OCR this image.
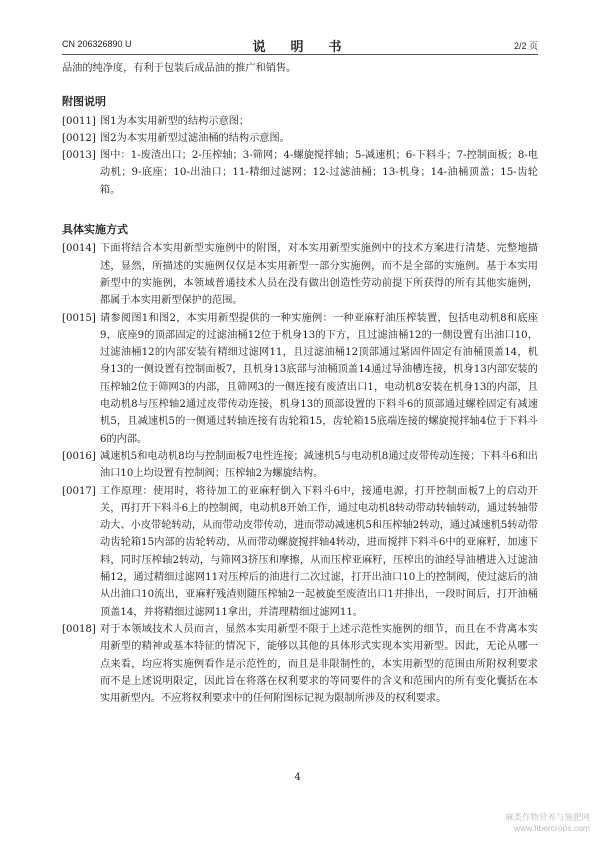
CN 206326890 U	说　明　书	2/2 页

品油的纯净度，有利于包装后成品油的推广和销售。

附图说明
[0011] 图1为本实用新型的结构示意图；
[0012] 图2为本实用新型过滤油桶的结构示意图。
[0013] 图中：1-废渣出口；2-压榨轴；3-筛网；4-螺旋搅拌轴；5-减速机；6-下料斗；7-控制面板；8-电动机；9-底座；10-出油口；11-精细过滤网；12-过滤油桶；13-机身；14-油桶顶盖；15-齿轮箱。
具体实施方式
[0014] 下面将结合本实用新型实施例中的附图，对本实用新型实施例中的技术方案进行清楚、完整地描述，显然，所描述的实施例仅仅是本实用新型一部分实施例，而不是全部的实施例。基于本实用新型中的实施例，本领域普通技术人员在没有做出创造性劳动前提下所获得的所有其他实施例，都属于本实用新型保护的范围。
[0015] 请参阅图1和图2，本实用新型提供的一种实施例：一种亚麻籽油压榨装置，包括电动机8和底座9，底座9的顶部固定的过滤油桶12位于机身13的下方，且过滤油桶12的一侧设置有出油口10，过滤油桶12的内部安装有精细过滤网11，且过滤油桶12顶部通过紧固件固定有油桶顶盖14，机身13的一侧设置有控制面板7，且机身13底部与油桶顶盖14通过导油槽连接，机身13内部安装的压榨轴2位于筛网3的内部，且筛网3的一侧连接有废渣出口1，电动机8安装在机身13的内部，且电动机8与压榨轴2通过皮带传动连接，机身13的顶部设置的下料斗6的顶部通过螺栓固定有减速机5，且减速机5的一侧通过转轴连接有齿轮箱15，齿轮箱15底端连接的螺旋搅拌轴4位于下料斗6的内部。
[0016] 减速机5和电动机8均与控制面板7电性连接；减速机5与电动机8通过皮带传动连接；下料斗6和出油口10上均设置有控制阀；压榨轴2为螺旋结构。
[0017] 工作原理：使用时，将待加工的亚麻籽倒入下料斗6中，接通电源，打开控制面板7上的启动开关，再打开下料斗6上的控制阀，电动机8开始工作，通过电动机8转动带动转轴转动，通过转轴带动大、小皮带轮转动，从而带动皮带传动，进而带动减速机5和压榨轴2转动，通过减速机5转动带动齿轮箱15内部的齿轮转动，从而带动螺旋搅拌轴4转动，进而搅拌下料斗6中的亚麻籽，加速下料，同时压榨轴2转动，与筛网3挤压和摩擦，从而压榨亚麻籽，压榨出的油经导油槽进入过滤油桶12，通过精细过滤网11对压榨后的油进行二次过滤，打开出油口10上的控制阀，使过滤后的油从出油口10流出，亚麻籽残渣则随压榨轴2一起被旋至废渣出口1并排出，一段时间后，打开油桶顶盖14，并将精细过滤网11拿出，并清理精细过滤网11。
[0018] 对于本领域技术人员而言，显然本实用新型不限于上述示范性实施例的细节，而且在不背离本实用新型的精神或基本特征的情况下，能够以其他的具体形式实现本实用新型。因此，无论从哪一点来看，均应将实施例看作是示范性的，而且是非限制性的，本实用新型的范围由所附权利要求而不是上述说明限定，因此旨在将落在权利要求的等同要件的含义和范围内的所有变化囊括在本实用新型内。不应将权利要求中的任何附图标记视为限制所涉及的权利要求。
4
麻类作物营养与施肥网
www.fibercrops.com
